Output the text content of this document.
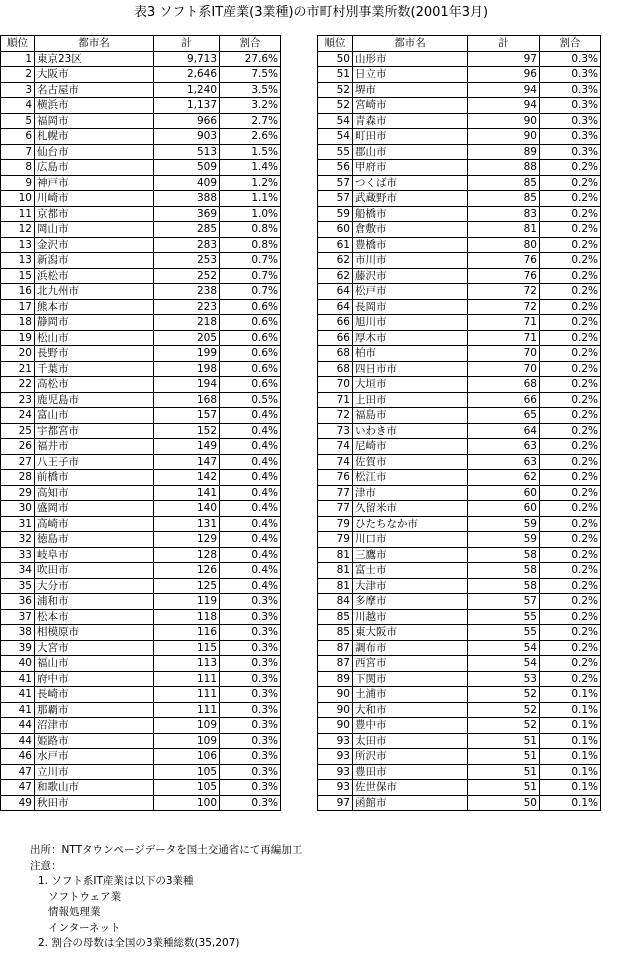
表3 ソフト系IT産業(3業種)の市町村別事業所数(2001年3月)
順位	都市名	計	割合
1	東京23区	9,713	27.6%
2	大阪市	2,646	7.5%
3	名古屋市	1,240	3.5%
4	横浜市	1,137	3.2%
5	福岡市	966	2.7%
6	札幌市	903	2.6%
7	仙台市	513	1.5%
8	広島市	509	1.4%
9	神戸市	409	1.2%
10	川崎市	388	1.1%
11	京都市	369	1.0%
12	岡山市	285	0.8%
13	金沢市	283	0.8%
13	新潟市	253	0.7%
15	浜松市	252	0.7%
16	北九州市	238	0.7%
17	熊本市	223	0.6%
18	静岡市	218	0.6%
19	松山市	205	0.6%
20	長野市	199	0.6%
21	千葉市	198	0.6%
22	高松市	194	0.6%
23	鹿児島市	168	0.5%
24	富山市	157	0.4%
25	宇都宮市	152	0.4%
26	福井市	149	0.4%
27	八王子市	147	0.4%
28	前橋市	142	0.4%
29	高知市	141	0.4%
30	盛岡市	140	0.4%
31	高崎市	131	0.4%
32	徳島市	129	0.4%
33	岐阜市	128	0.4%
34	吹田市	126	0.4%
35	大分市	125	0.4%
36	浦和市	119	0.3%
37	松本市	118	0.3%
38	相模原市	116	0.3%
39	大宮市	115	0.3%
40	福山市	113	0.3%
41	府中市	111	0.3%
41	長崎市	111	0.3%
41	那覇市	111	0.3%
44	沼津市	109	0.3%
44	姫路市	109	0.3%
46	水戸市	106	0.3%
47	立川市	105	0.3%
47	和歌山市	105	0.3%
49	秋田市	100	0.3%
順位	都市名	計	割合
50	山形市	97	0.3%
51	日立市	96	0.3%
52	堺市	94	0.3%
52	宮崎市	94	0.3%
54	青森市	90	0.3%
54	町田市	90	0.3%
55	郡山市	89	0.3%
56	甲府市	88	0.2%
57	つくば市	85	0.2%
57	武蔵野市	85	0.2%
59	船橋市	83	0.2%
60	倉敷市	81	0.2%
61	豊橋市	80	0.2%
62	市川市	76	0.2%
62	藤沢市	76	0.2%
64	松戸市	72	0.2%
64	長岡市	72	0.2%
66	旭川市	71	0.2%
66	厚木市	71	0.2%
68	柏市	70	0.2%
68	四日市市	70	0.2%
70	大垣市	68	0.2%
71	上田市	66	0.2%
72	福島市	65	0.2%
73	いわき市	64	0.2%
74	尼崎市	63	0.2%
74	佐賀市	63	0.2%
76	松江市	62	0.2%
77	津市	60	0.2%
77	久留米市	60	0.2%
79	ひたちなか市	59	0.2%
79	川口市	59	0.2%
81	三鷹市	58	0.2%
81	富士市	58	0.2%
81	大津市	58	0.2%
84	多摩市	57	0.2%
85	川越市	55	0.2%
85	東大阪市	55	0.2%
87	調布市	54	0.2%
87	西宮市	54	0.2%
89	下関市	53	0.2%
90	土浦市	52	0.1%
90	大和市	52	0.1%
90	豊中市	52	0.1%
93	太田市	51	0.1%
93	所沢市	51	0.1%
93	豊田市	51	0.1%
93	佐世保市	51	0.1%
97	函館市	50	0.1%
出所：NTTタウンページデータを国土交通省にて再編加工
注意：
1. ソフト系IT産業は以下の3業種
ソフトウェア業
情報処理業
インターネット
2. 割合の母数は全国の3業種総数(35,207)
